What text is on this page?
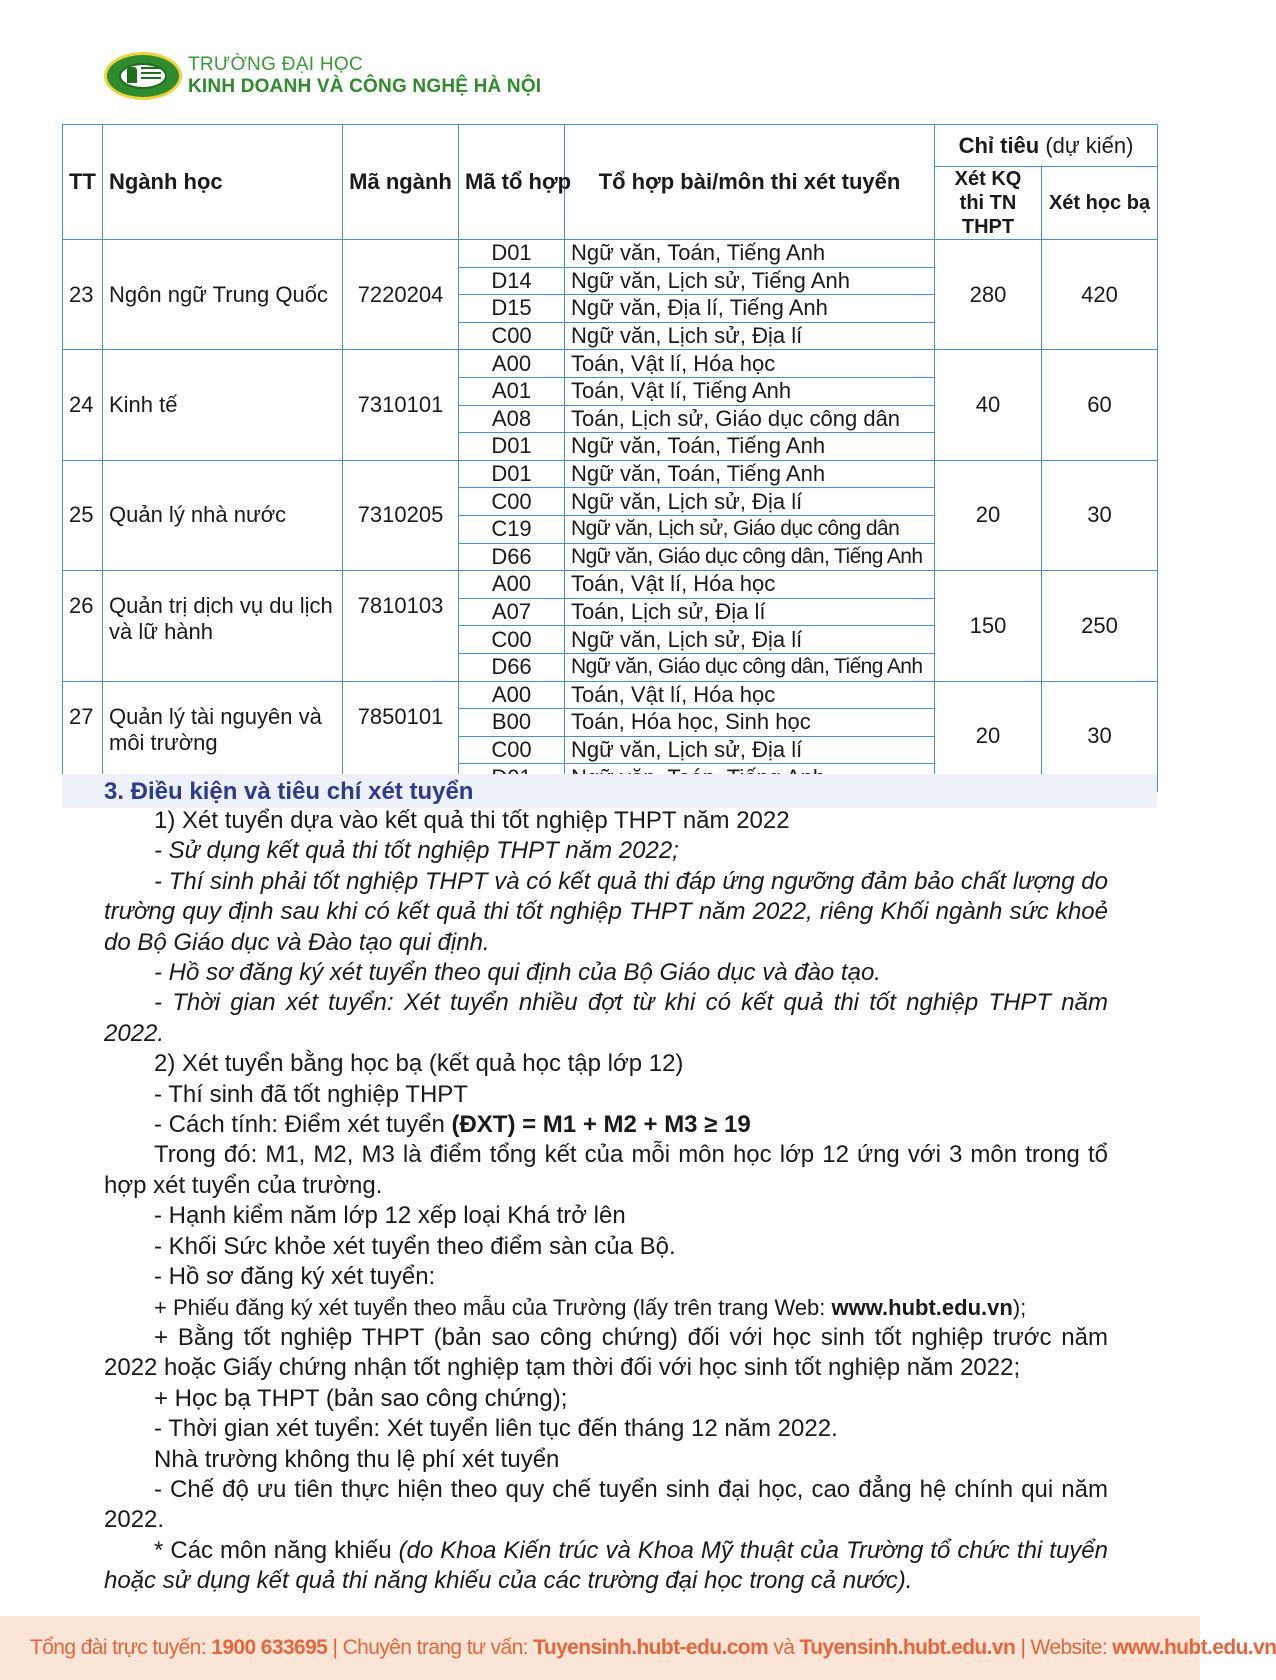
TRƯỜNG ĐẠI HỌC
KINH DOANH VÀ CÔNG NGHỆ HÀ NỘI
TT	Ngành học	Mã ngành	Mã tổ hợp	Tổ hợp bài/môn thi xét tuyển	Chỉ tiêu (dự kiến)	
					Xét KQ thi TN THPT	Xét học bạ
23	Ngôn ngữ Trung Quốc	7220204	D01	Ngữ văn, Toán, Tiếng Anh	280	420
			D14	Ngữ văn, Lịch sử, Tiếng Anh		
			D15	Ngữ văn, Địa lí, Tiếng Anh		
			C00	Ngữ văn, Lịch sử, Địa lí		
24	Kinh tế	7310101	A00	Toán, Vật lí, Hóa học	40	60
			A01	Toán, Vật lí, Tiếng Anh		
			A08	Toán, Lịch sử, Giáo dục công dân		
			D01	Ngữ văn, Toán, Tiếng Anh		
25	Quản lý nhà nước	7310205	D01	Ngữ văn, Toán, Tiếng Anh	20	30
			C00	Ngữ văn, Lịch sử, Địa lí		
			C19	Ngữ văn, Lịch sử, Giáo dục công dân		
			D66	Ngữ văn, Giáo dục công dân, Tiếng Anh		
26	Quản trị dịch vụ du lịch và lữ hành	7810103	A00	Toán, Vật lí, Hóa học	150	250
			A07	Toán, Lịch sử, Địa lí		
			C00	Ngữ văn, Lịch sử, Địa lí		
			D66	Ngữ văn, Giáo dục công dân, Tiếng Anh		
27	Quản lý tài nguyên và môi trường	7850101	A00	Toán, Vật lí, Hóa học	20	30
			B00	Toán, Hóa học, Sinh học		
			C00	Ngữ văn, Lịch sử, Địa lí		

3. Điều kiện và tiêu chí xét tuyển
1) Xét tuyển dựa vào kết quả thi tốt nghiệp THPT năm 2022
- Sử dụng kết quả thi tốt nghiệp THPT năm 2022;
- Thí sinh phải tốt nghiệp THPT và có kết quả thi đáp ứng ngưỡng đảm bảo chất lượng do trường quy định sau khi có kết quả thi tốt nghiệp THPT năm 2022, riêng Khối ngành sức khoẻ do Bộ Giáo dục và Đào tạo qui định.
- Hồ sơ đăng ký xét tuyển theo qui định của Bộ Giáo dục và đào tạo.
- Thời gian xét tuyển: Xét tuyển nhiều đợt từ khi có kết quả thi tốt nghiệp THPT năm 2022.
2) Xét tuyển bằng học bạ (kết quả học tập lớp 12)
- Thí sinh đã tốt nghiệp THPT
- Cách tính: Điểm xét tuyển (ĐXT) = M1 + M2 + M3 ≥ 19
Trong đó: M1, M2, M3 là điểm tổng kết của mỗi môn học lớp 12 ứng với 3 môn trong tổ hợp xét tuyển của trường.
- Hạnh kiểm năm lớp 12 xếp loại Khá trở lên
- Khối Sức khỏe xét tuyển theo điểm sàn của Bộ.
- Hồ sơ đăng ký xét tuyển:
+ Phiếu đăng ký xét tuyển theo mẫu của Trường (lấy trên trang Web: www.hubt.edu.vn);
+ Bằng tốt nghiệp THPT (bản sao công chứng) đối với học sinh tốt nghiệp trước năm 2022 hoặc Giấy chứng nhận tốt nghiệp tạm thời đối với học sinh tốt nghiệp năm 2022;
+ Học bạ THPT (bản sao công chứng);
- Thời gian xét tuyển: Xét tuyển liên tục đến tháng 12 năm 2022.
Nhà trường không thu lệ phí xét tuyển
- Chế độ ưu tiên thực hiện theo quy chế tuyển sinh đại học, cao đẳng hệ chính qui năm 2022.
* Các môn năng khiếu (do Khoa Kiến trúc và Khoa Mỹ thuật của Trường tổ chức thi tuyển hoặc sử dụng kết quả thi năng khiếu của các trường đại học trong cả nước).
Tổng đài trực tuyến: 1900 633695 | Chuyên trang tư vấn: Tuyensinh.hubt-edu.com và Tuyensinh.hubt.edu.vn | Website: www.hubt.edu.vn
